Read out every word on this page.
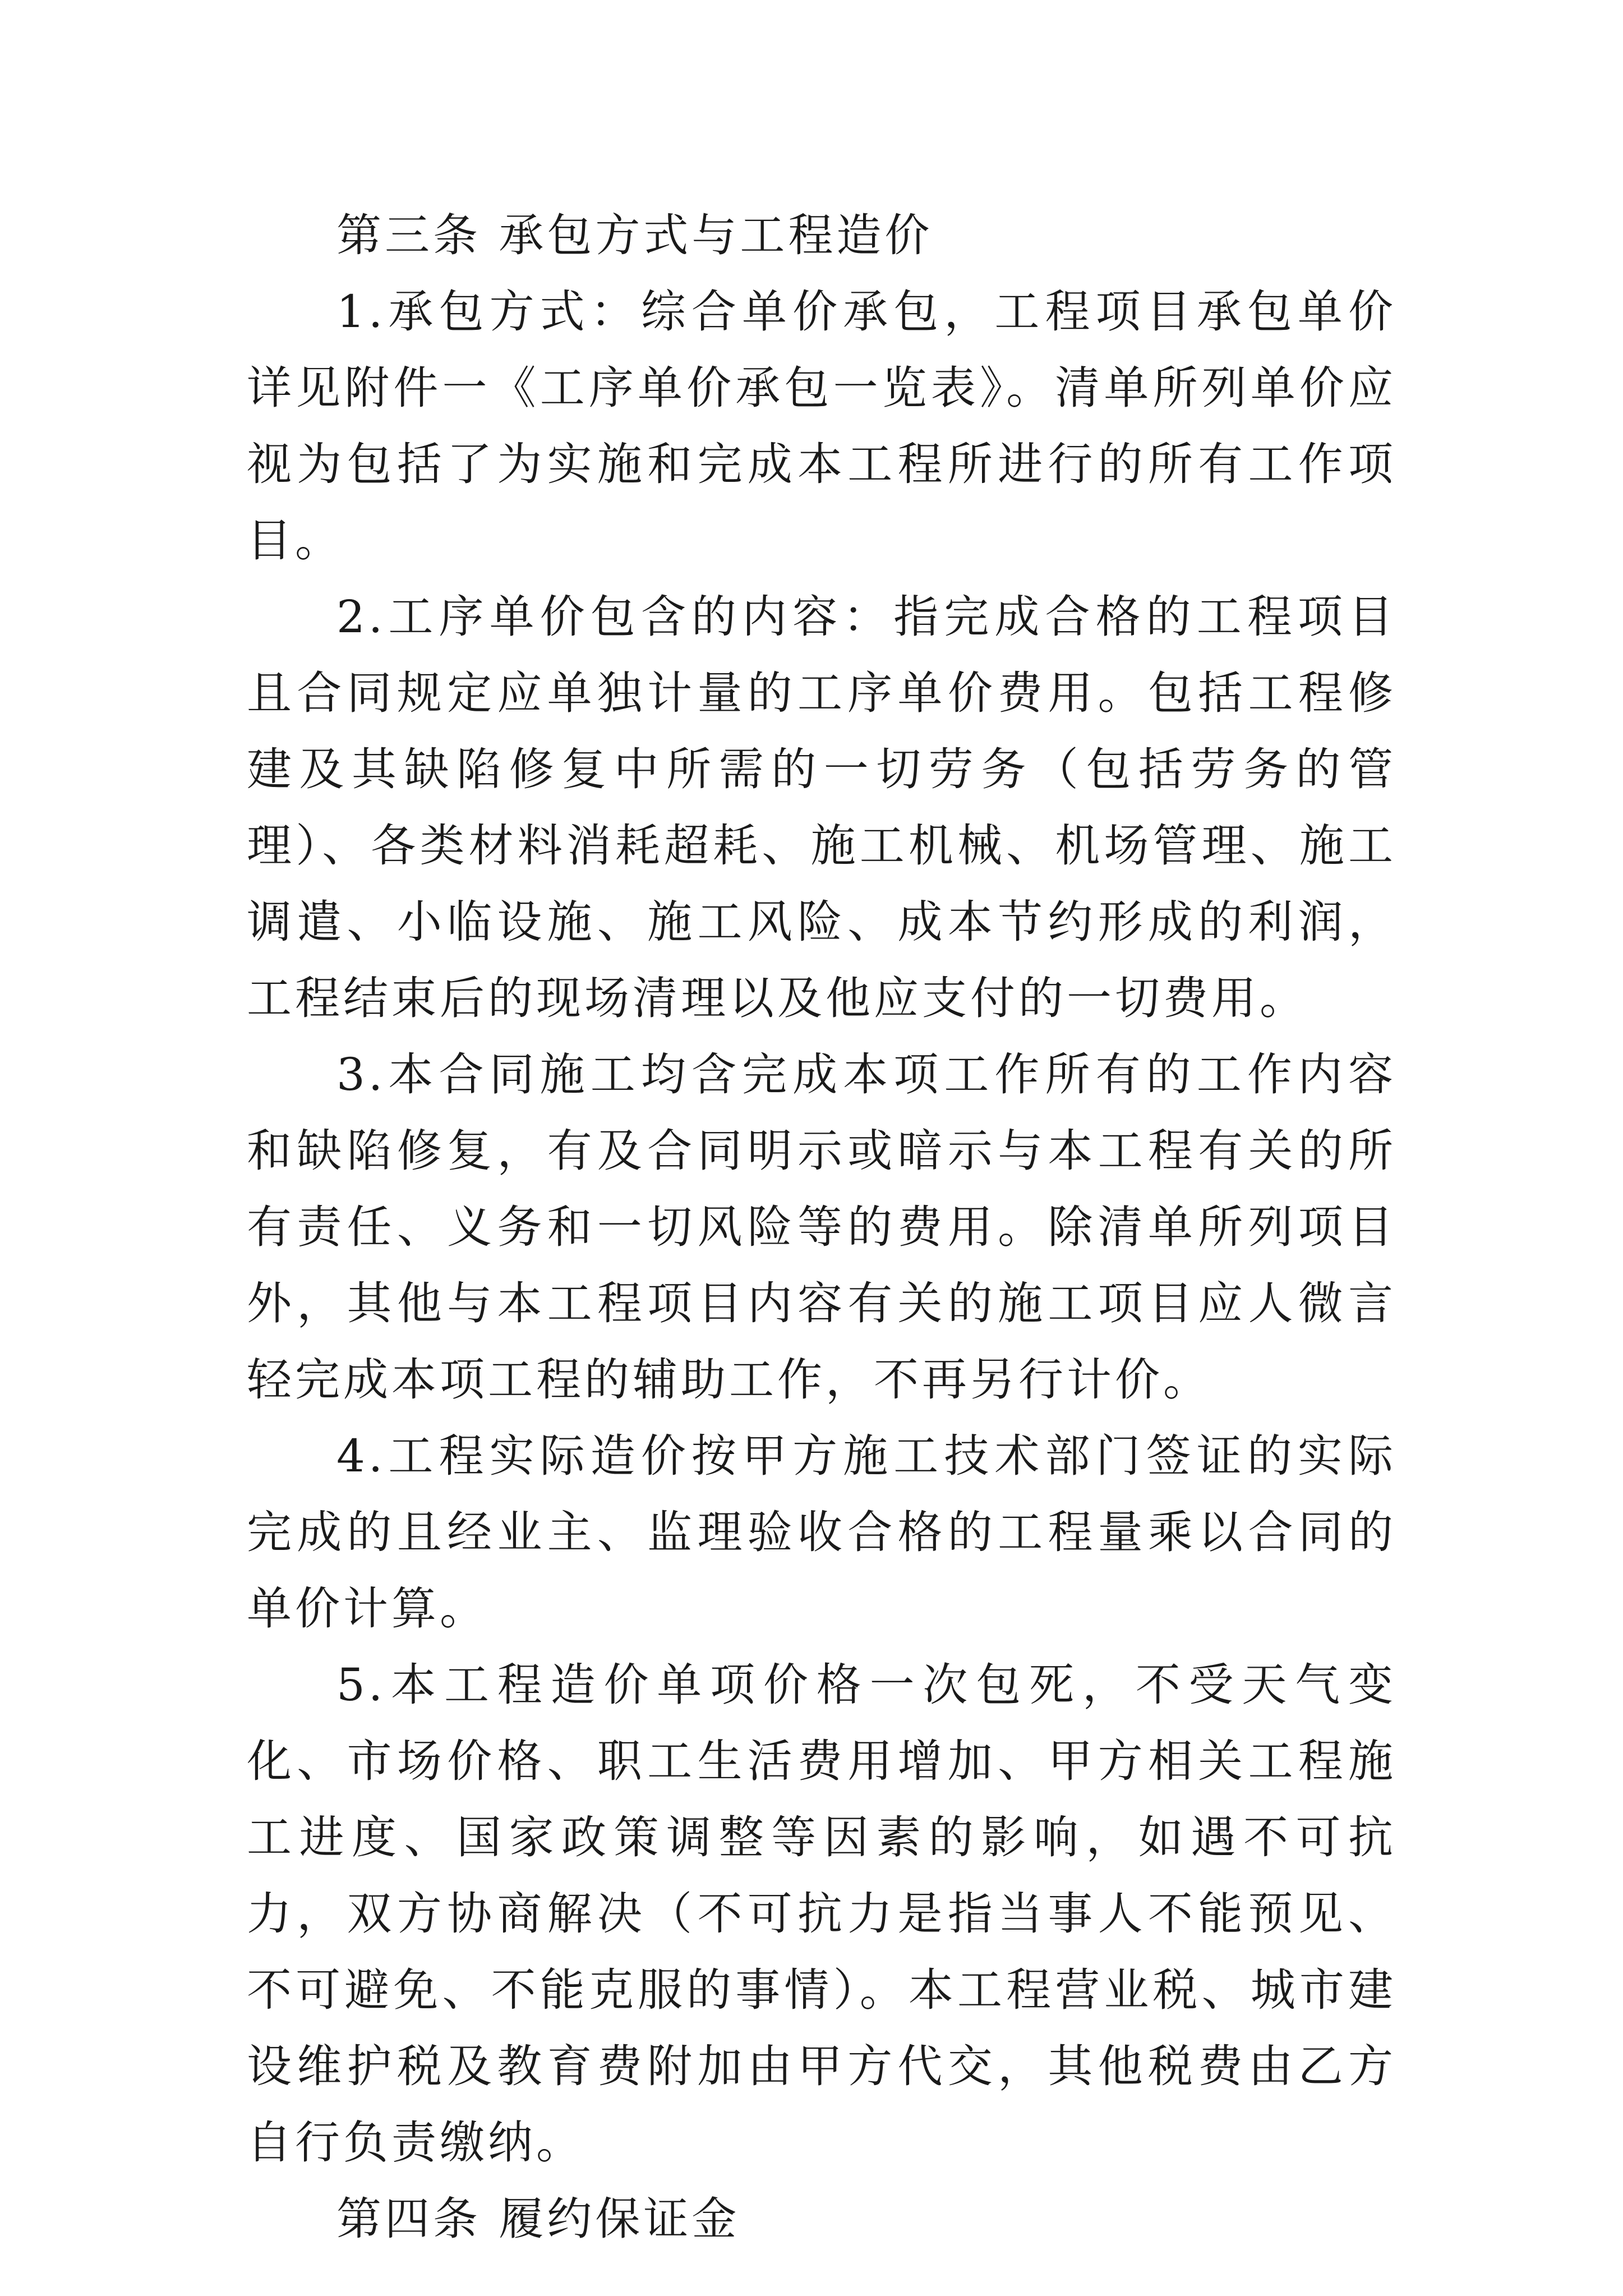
第三条 承包方式与工程造价

1.承包方式：综合单价承包，工程项目承包单价详见附件一《工序单价承包一览表》。清单所列单价应视为包括了为实施和完成本工程所进行的所有工作项目。

2.工序单价包含的内容：指完成合格的工程项目且合同规定应单独计量的工序单价费用。包括工程修建及其缺陷修复中所需的一切劳务（包括劳务的管理）、各类材料消耗超耗、施工机械、机场管理、施工调遣、小临设施、施工风险、成本节约形成的利润，工程结束后的现场清理以及他应支付的一切费用。

3.本合同施工均含完成本项工作所有的工作内容和缺陷修复，有及合同明示或暗示与本工程有关的所有责任、义务和一切风险等的费用。除清单所列项目外，其他与本工程项目内容有关的施工项目应人微言轻完成本项工程的辅助工作，不再另行计价。

4.工程实际造价按甲方施工技术部门签证的实际完成的且经业主、监理验收合格的工程量乘以合同的单价计算。

5.本工程造价单项价格一次包死，不受天气变化、市场价格、职工生活费用增加、甲方相关工程施工进度、国家政策调整等因素的影响，如遇不可抗力，双方协商解决（不可抗力是指当事人不能预见、不可避免、不能克服的事情）。本工程营业税、城市建设维护税及教育费附加由甲方代交，其他税费由乙方自行负责缴纳。

第四条 履约保证金
